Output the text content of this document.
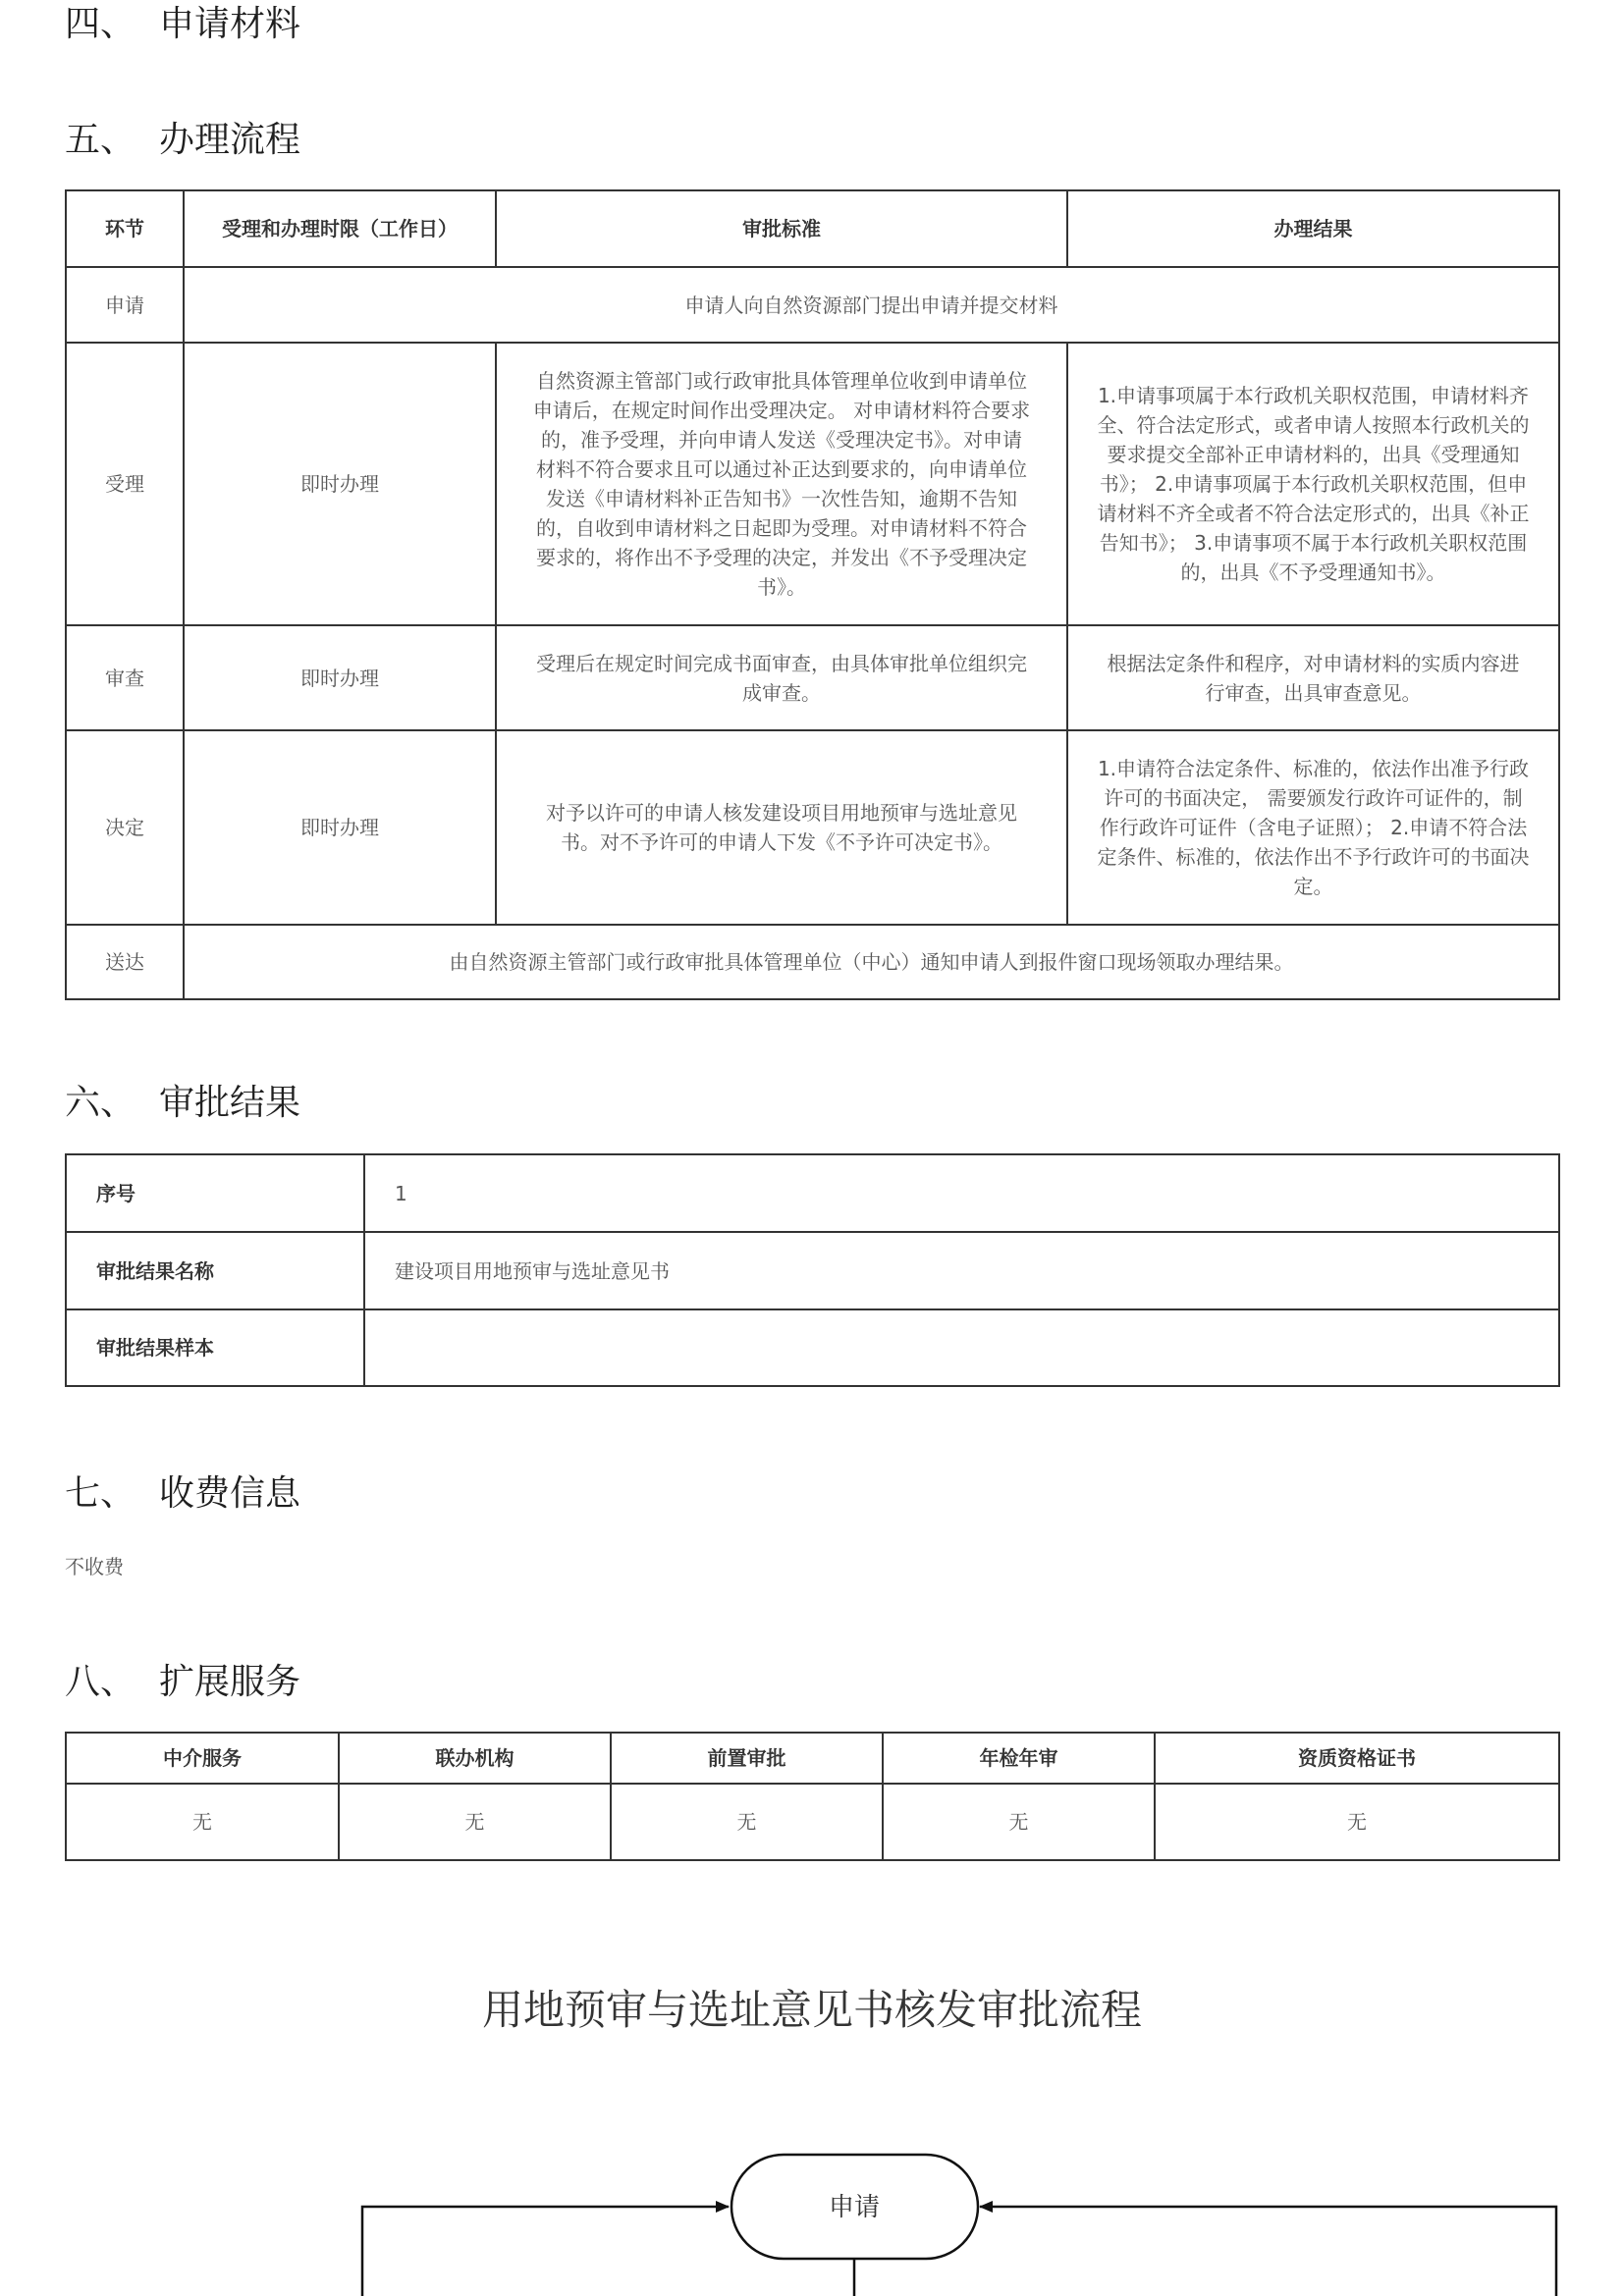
四、 申请材料
五、 办理流程
环节	受理和办理时限（工作日）	审批标准	办理结果
申请	申请人向自然资源部门提出申请并提交材料		
受理	即时办理	自然资源主管部门或行政审批具体管理单位收到申请单位申请后，在规定时间作出受理决定。 对申请材料符合要求的，准予受理，并向申请人发送《受理决定书》。对申请材料不符合要求且可以通过补正达到要求的，向申请单位发送《申请材料补正告知书》一次性告知，逾期不告知的，自收到申请材料之日起即为受理。对申请材料不符合要求的，将作出不予受理的决定，并发出《不予受理决定书》。	1.申请事项属于本行政机关职权范围，申请材料齐全、符合法定形式，或者申请人按照本行政机关的要求提交全部补正申请材料的，出具《受理通知书》； 2.申请事项属于本行政机关职权范围，但申请材料不齐全或者不符合法定形式的，出具《补正告知书》； 3.申请事项不属于本行政机关职权范围的，出具《不予受理通知书》。
审查	即时办理	受理后在规定时间完成书面审查，由具体审批单位组织完成审查。	根据法定条件和程序，对申请材料的实质内容进行审查，出具审查意见。
决定	即时办理	对予以许可的申请人核发建设项目用地预审与选址意见书。对不予许可的申请人下发《不予许可决定书》。	1.申请符合法定条件、标准的，依法作出准予行政许可的书面决定， 需要颁发行政许可证件的，制作行政许可证件（含电子证照）； 2.申请不符合法定条件、标准的，依法作出不予行政许可的书面决定。
送达	由自然资源主管部门或行政审批具体管理单位（中心）通知申请人到报件窗口现场领取办理结果。		
六、 审批结果
序号	1
审批结果名称	建设项目用地预审与选址意见书
审批结果样本	
七、 收费信息
不收费
八、 扩展服务
中介服务	联办机构	前置审批	年检年审	资质资格证书
无	无	无	无	无
用地预审与选址意见书核发审批流程
申请
